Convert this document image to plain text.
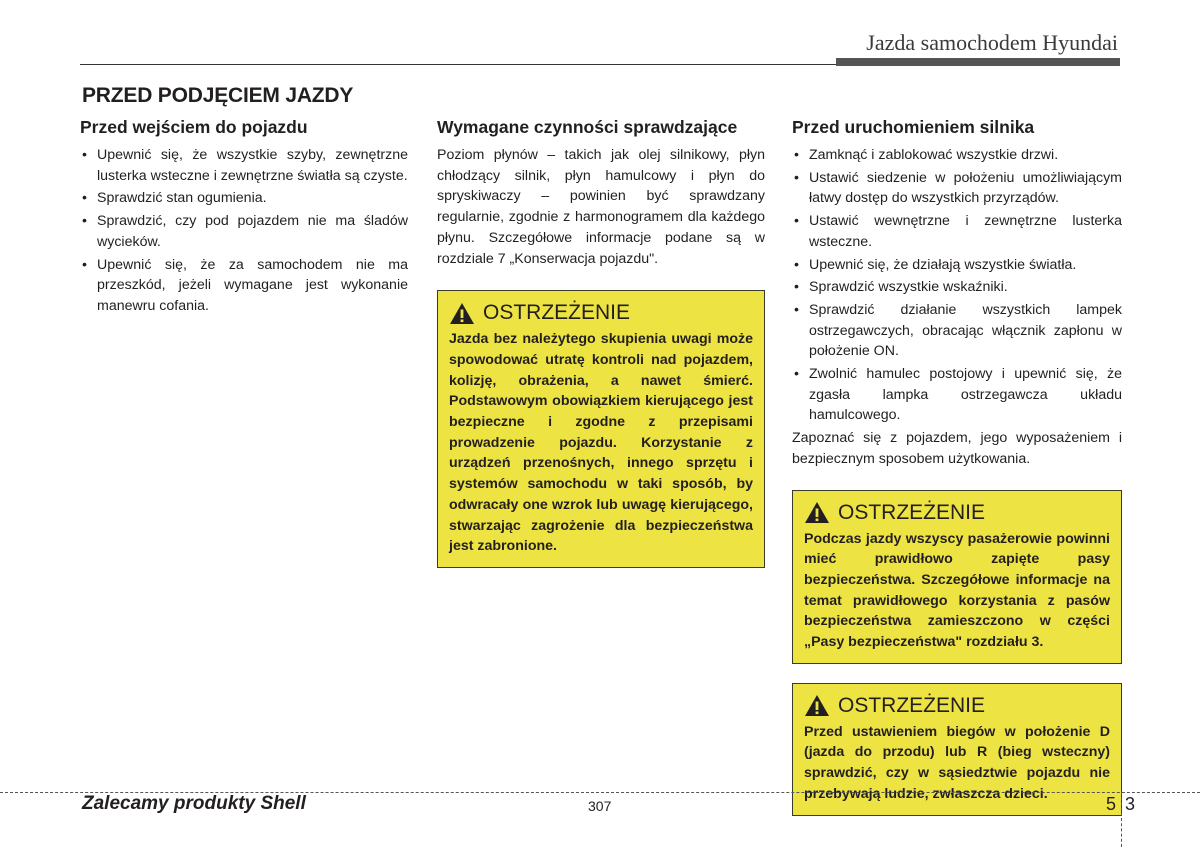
Jazda samochodem Hyundai
PRZED PODJĘCIEM JAZDY
Przed wejściem do pojazdu
• Upewnić się, że wszystkie szyby, zewnętrzne lusterka wsteczne i zewnętrzne światła są czyste.
• Sprawdzić stan ogumienia.
• Sprawdzić, czy pod pojazdem nie ma śladów wycieków.
• Upewnić się, że za samochodem nie ma przeszkód, jeżeli wymagane jest wykonanie manewru cofania.
Wymagane czynności sprawdzające

Poziom płynów – takich jak olej silnikowy, płyn chłodzący silnik, płyn hamulcowy i płyn do spryskiwaczy – powinien być sprawdzany regularnie, zgodnie z harmonogramem dla każdego płynu. Szczegółowe informacje podane są w rozdziale 7 „Konserwacja pojazdu".

OSTRZEŻENIE

Jazda bez należytego skupienia uwagi może spowodować utratę kontroli nad pojazdem, kolizję, obrażenia, a nawet śmierć. Podstawowym obowiązkiem kierującego jest bezpieczne i zgodne z przepisami prowadzenie pojazdu. Korzystanie z urządzeń przenośnych, innego sprzętu i systemów samochodu w taki sposób, by odwracały one wzrok lub uwagę kierującego, stwarzając zagrożenie dla bezpieczeństwa jest zabronione.

Przed uruchomieniem silnika
• Zamknąć i zablokować wszystkie drzwi.
• Ustawić siedzenie w położeniu umożliwiającym łatwy dostęp do wszystkich przyrządów.
• Ustawić wewnętrzne i zewnętrzne lusterka wsteczne.
• Upewnić się, że działają wszystkie światła.
• Sprawdzić wszystkie wskaźniki.
• Sprawdzić działanie wszystkich lampek ostrzegawczych, obracając włącznik zapłonu w położenie ON.
• Zwolnić hamulec postojowy i upewnić się, że zgasła lampka ostrzegawcza układu hamulcowego.

Zapoznać się z pojazdem, jego wyposażeniem i bezpiecznym sposobem użytkowania.

OSTRZEŻENIE

Podczas jazdy wszyscy pasażerowie powinni mieć prawidłowo zapięte pasy bezpieczeństwa. Szczegółowe informacje na temat prawidłowego korzystania z pasów bezpieczeństwa zamieszczono w części „Pasy bezpieczeństwa" rozdziału 3.

OSTRZEŻENIE

Przed ustawieniem biegów w położenie D (jazda do przodu) lub R (bieg wsteczny) sprawdzić, czy w sąsiedztwie pojazdu nie przebywają ludzie, zwłaszcza dzieci.

Zalecamy produkty Shell	307	5 3
